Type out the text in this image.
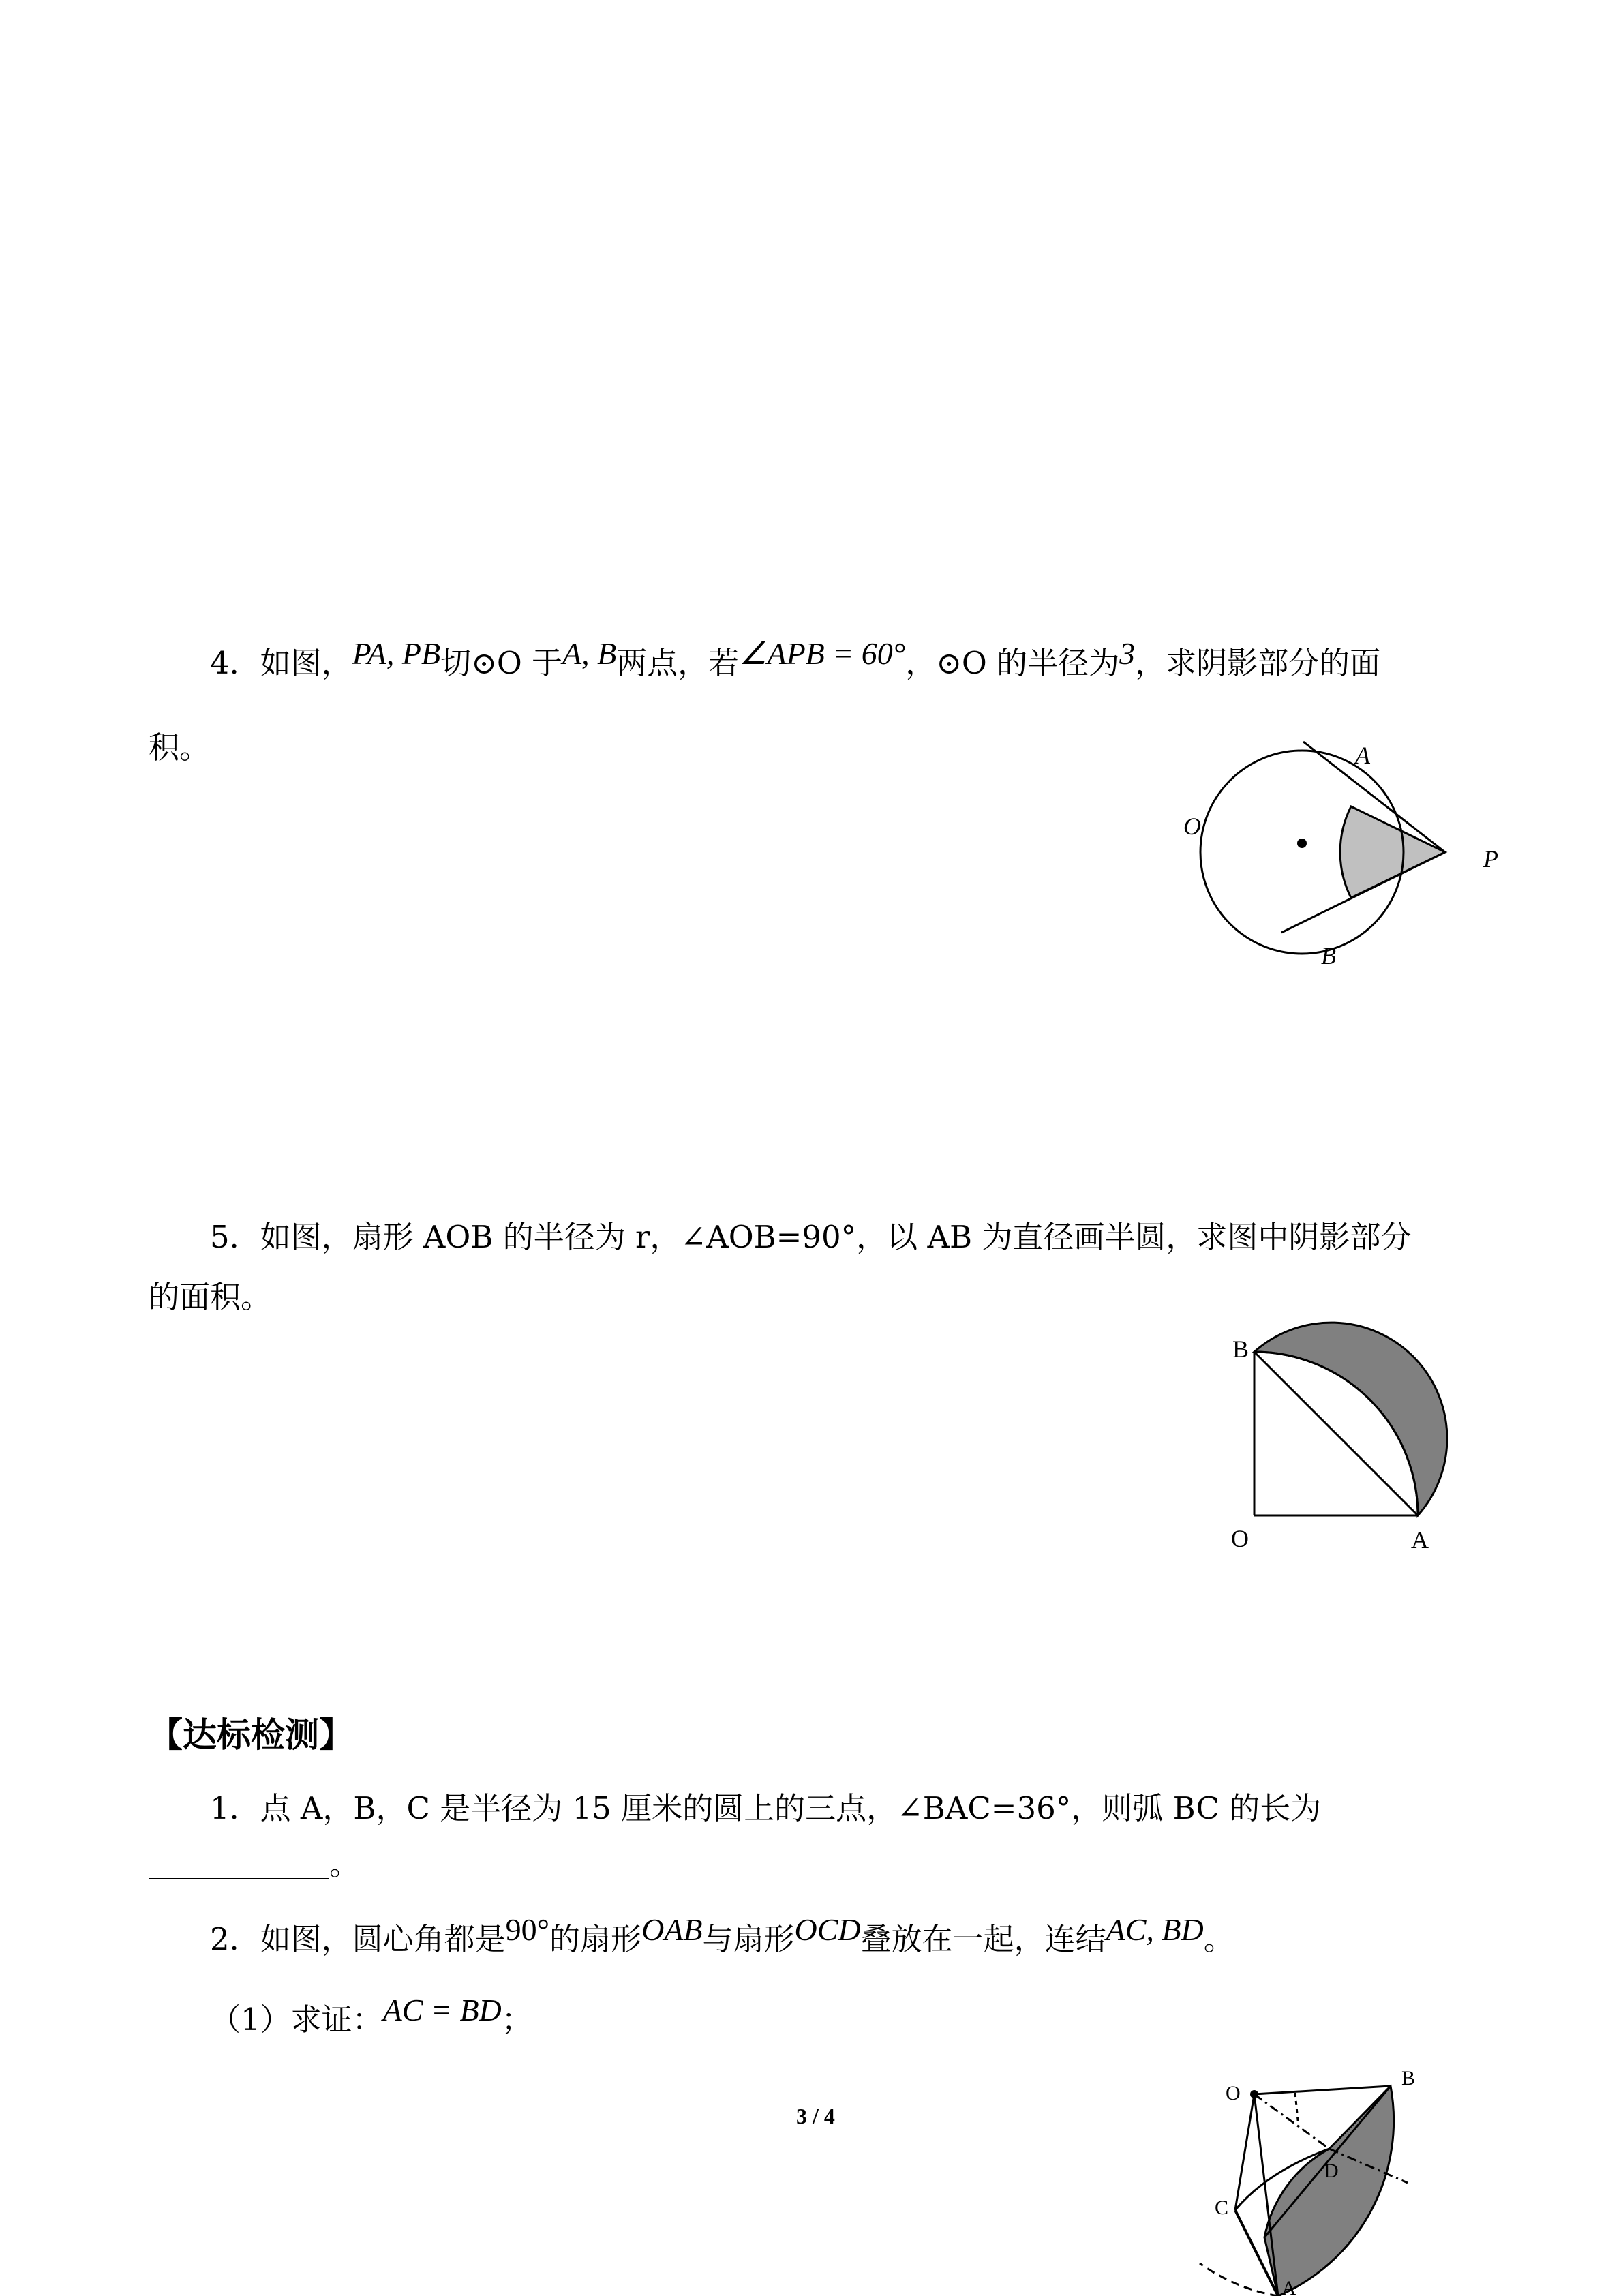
4．如图，PA, PB切⊙O 于A, B两点，若∠APB = 60°，⊙O 的半径为3，求阴影部分的面
积。	A
O
P
B
5．如图，扇形 AOB 的半径为 r，∠AOB=90°，以 AB 为直径画半圆，求图中阴影部分
的面积。
B
O	A
【达标检测】
1．点 A，B，C 是半径为 15 厘米的圆上的三点，∠BAC=36°，则弧 BC 的长为
。
2．如图，圆心角都是90°的扇形OAB与扇形OCD叠放在一起，连结AC, BD。
（1）求证：AC = BD；
O
B
D
C
A
3 / 4
